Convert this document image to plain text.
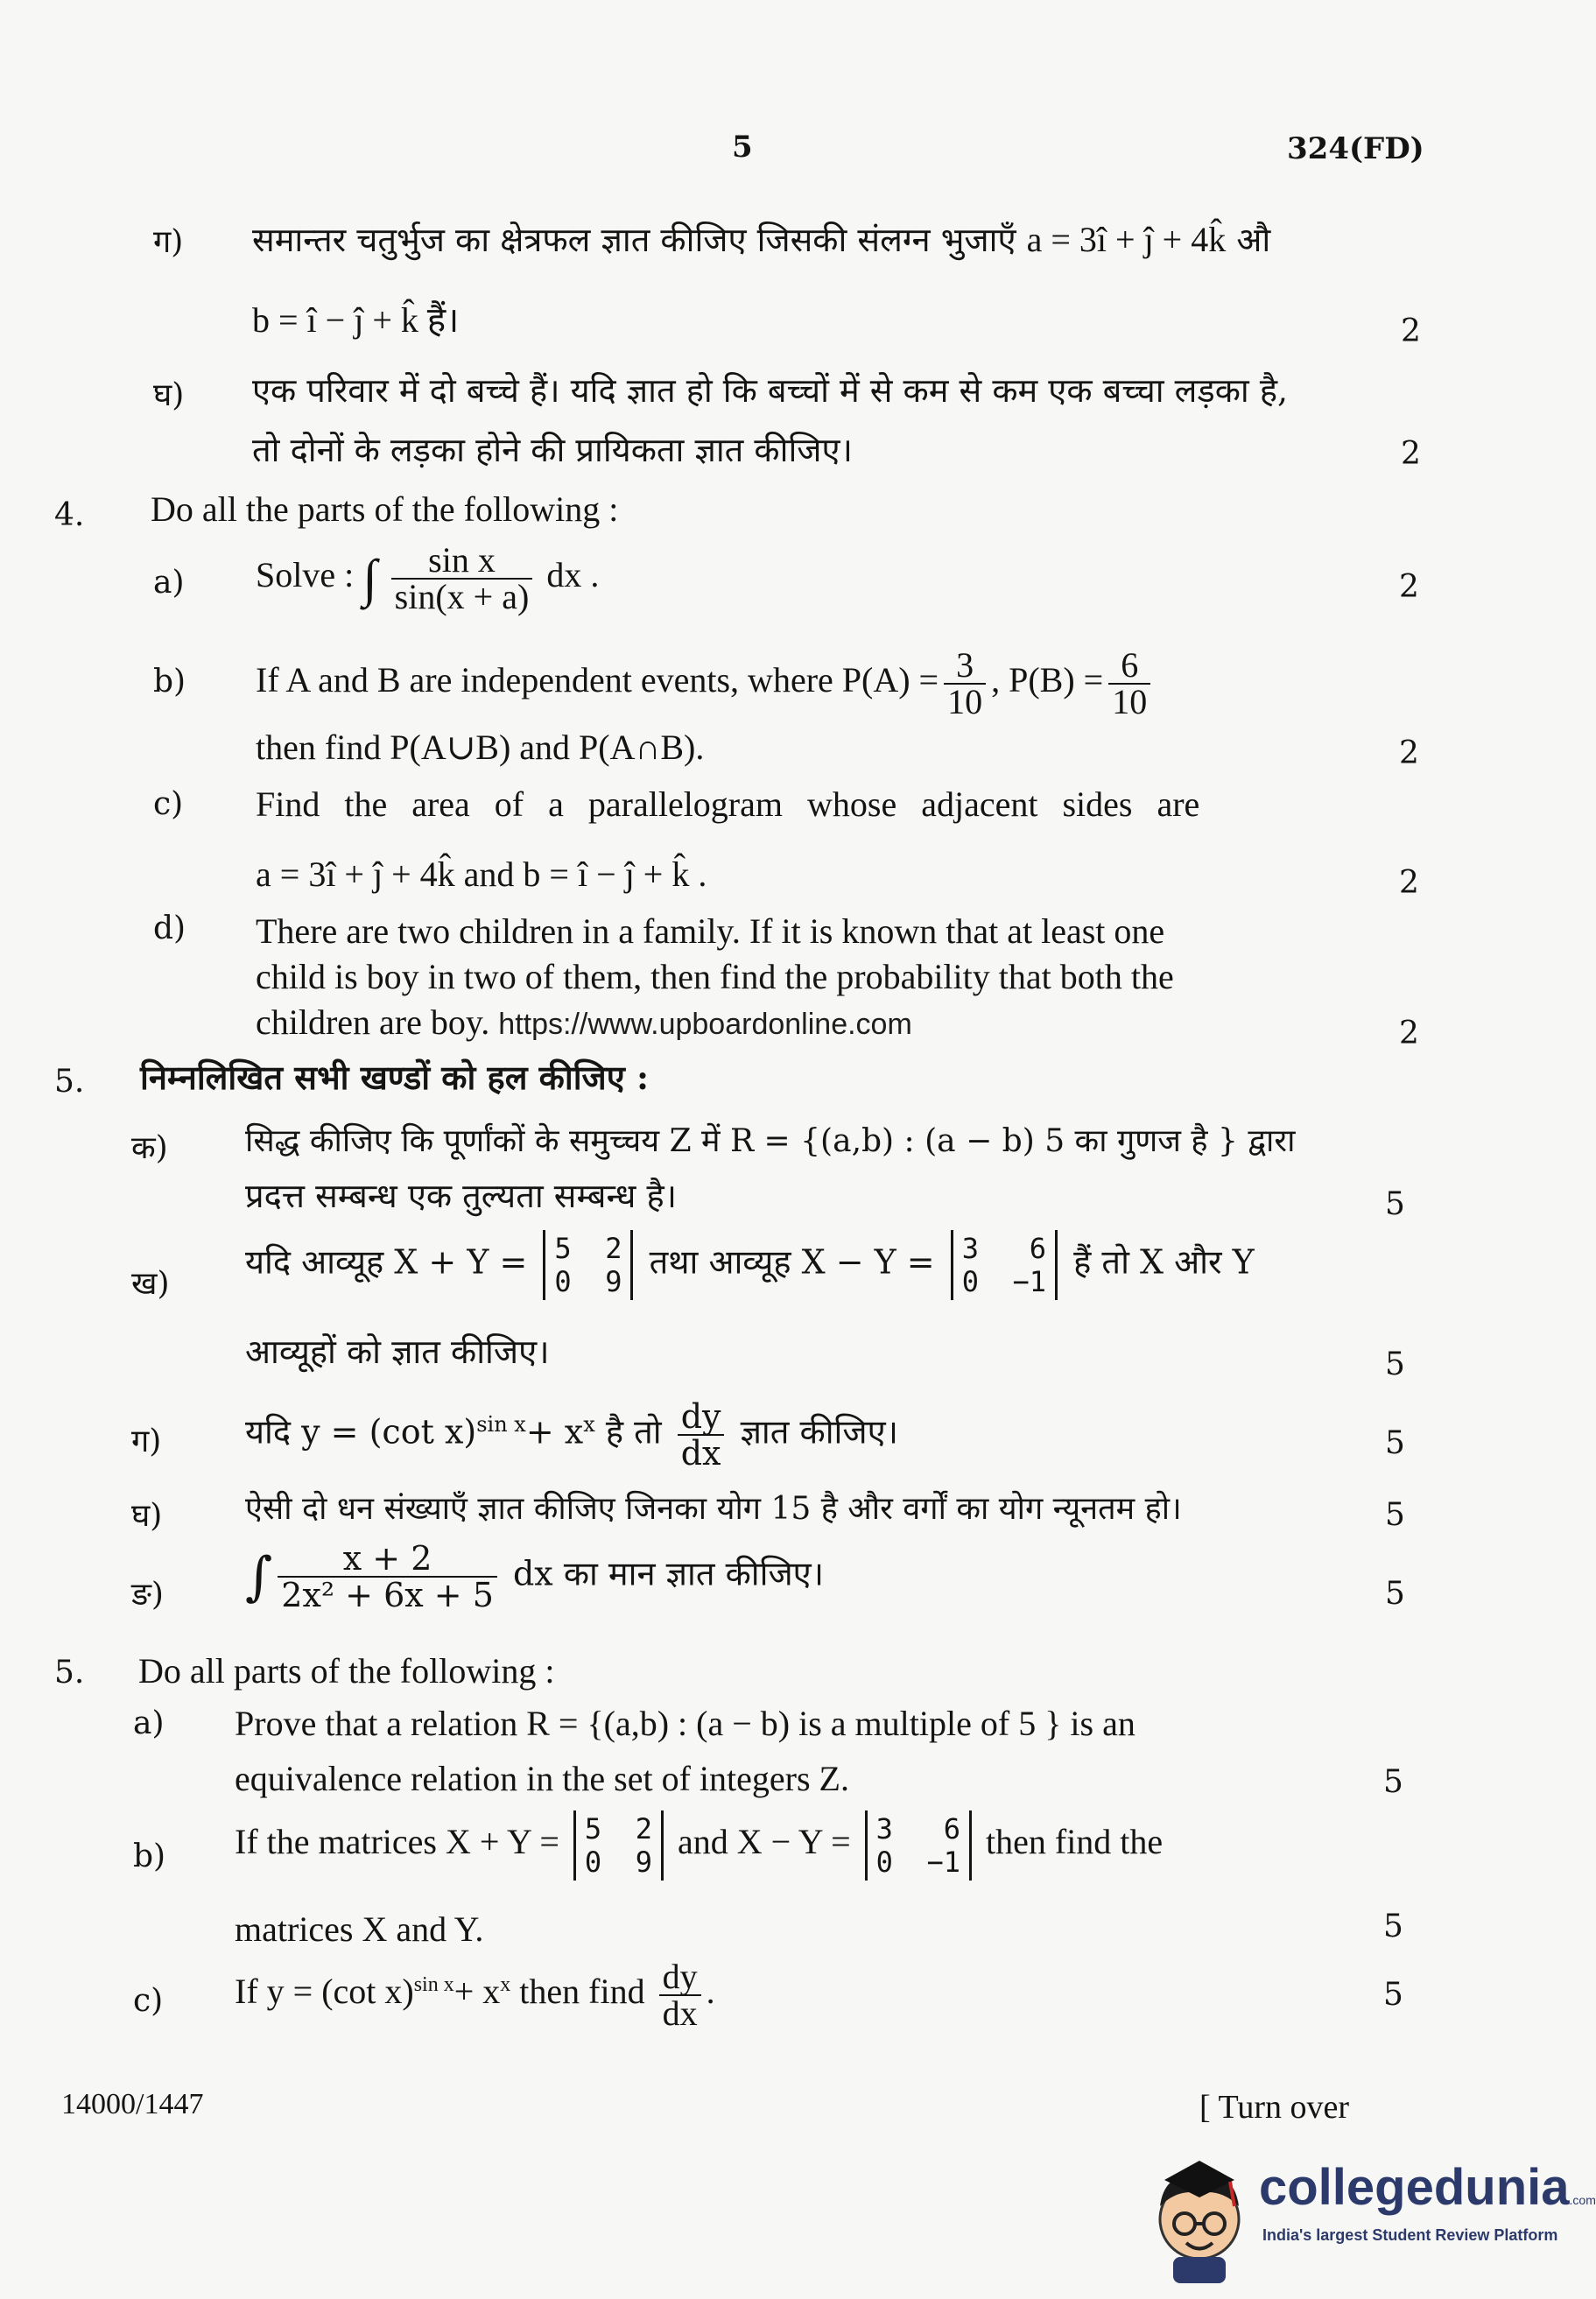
5	324(FD)
ग) समान्तर चतुर्भुज का क्षेत्रफल ज्ञात कीजिए जिसकी संलग्न भुजाएँ a = 3î + ĵ + 4k̂ औ
b = î − ĵ + k̂ हैं।	2
घ) एक परिवार में दो बच्चे हैं। यदि ज्ञात हो कि बच्चों में से कम से कम एक बच्चा लड़का है,
तो दोनों के लड़का होने की प्रायिकता ज्ञात कीजिए।	2
4. Do all the parts of the following :
a) Solve : ∫ $\frac{\text{sin x}}{\sin(x + a)}$ dx .	2
b) If A and B are independent events, where $P(A) = \frac{3}{10}$ , $P(B) = \frac{6}{10}$
then find P(A∪B) and P(A∩B).	2
c) Find the area of a parallelogram whose adjacent sides are
a = 3î + ĵ + 4k̂ and b = î − ĵ + k̂ .	2
d) There are two children in a family. If it is known that at least one
child is boy in two of them, then find the probability that both the
children are boy. https://www.upboardonline.com	2
5. निम्नलिखित सभी खण्डों को हल कीजिए :
क) सिद्ध कीजिए कि पूर्णांकों के समुच्चय Z में R = {(a,b) : (a − b) 5 का गुणज है } द्वारा
प्रदत्त सम्बन्ध एक तुल्यता सम्बन्ध है।	5
ख)
यदि आव्यूह X + Y = 5  2
0  9
तथा आव्यूह X − Y = 3   6
0  −1
हैं तो X और Y
आव्यूहों को ज्ञात कीजिए।	5
ग)	यदि y = (cot $x)^{sin x}+ x^x$ है तो $\frac{dy}{dx}$ ज्ञात कीजिए।	5
घ)	ऐसी दो धन संख्याएँ ज्ञात कीजिए जिनका योग 15 है और वर्गों का योग न्यूनतम हो।	5
ङ) ∫ $\frac{x + 2}{\text{2x² + 6x + 5}}$ dx का मान ज्ञात कीजिए।
5
5. Do all parts of the following :
a) Prove that a relation R = {(a,b) : (a − b) is a multiple of 5 } is an
equivalence relation in the set of integers Z.	5
b) If the matrices X + Y = 5  2
0  9
and X − Y = 3   6
0  −1
then find the
matrices X and Y.	5
c) If y = (cot $x)^{sin x}+ x^x$ then find $\frac{dy}{dx}$ .	5
14000/1447	[ Turn over
collegedunia.com
India's largest Student Review Platform
